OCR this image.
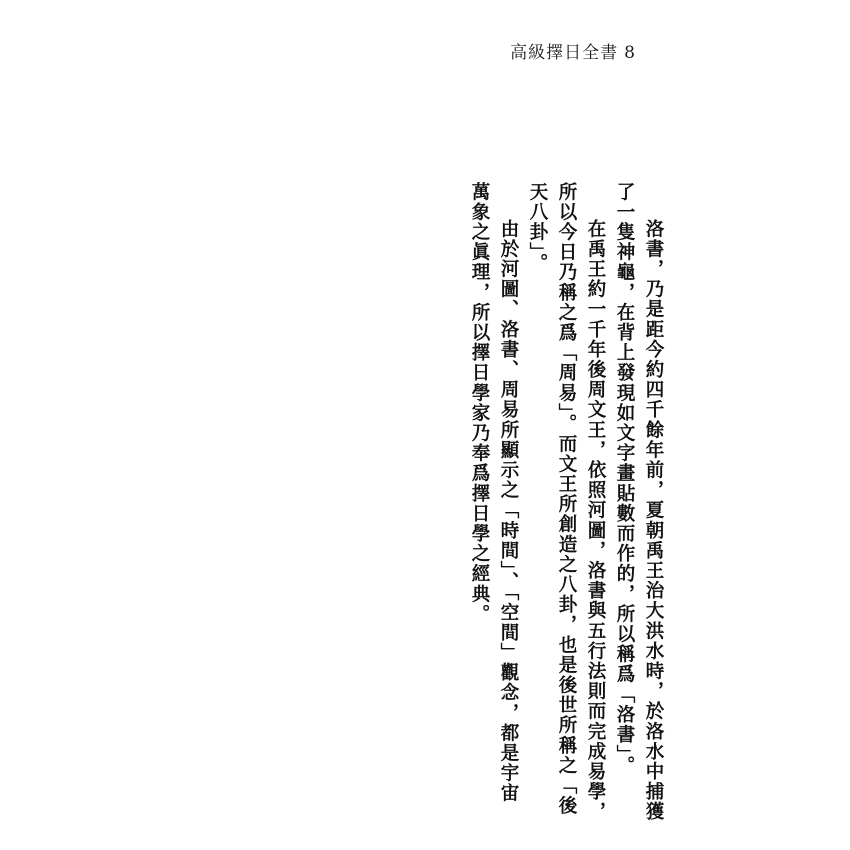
高級擇日全書 8

洛書，乃是距今約四千餘年前，夏朝禹王治大洪水時，於洛水中捕獲了一隻神龜，在背上發現如文字畫貼數而作的，所以稱爲「洛書」。

在禹王約一千年後周文王，依照河圖，洛書與五行法則而完成易學，所以今日乃稱之爲「周易」。而文王所創造之八卦，也是後世所稱之「後天八卦」。

由於河圖、洛書、周易所顯示之「時間」、「空間」觀念，都是宇宙萬象之眞理，所以擇日學家乃奉爲擇日學之經典。
